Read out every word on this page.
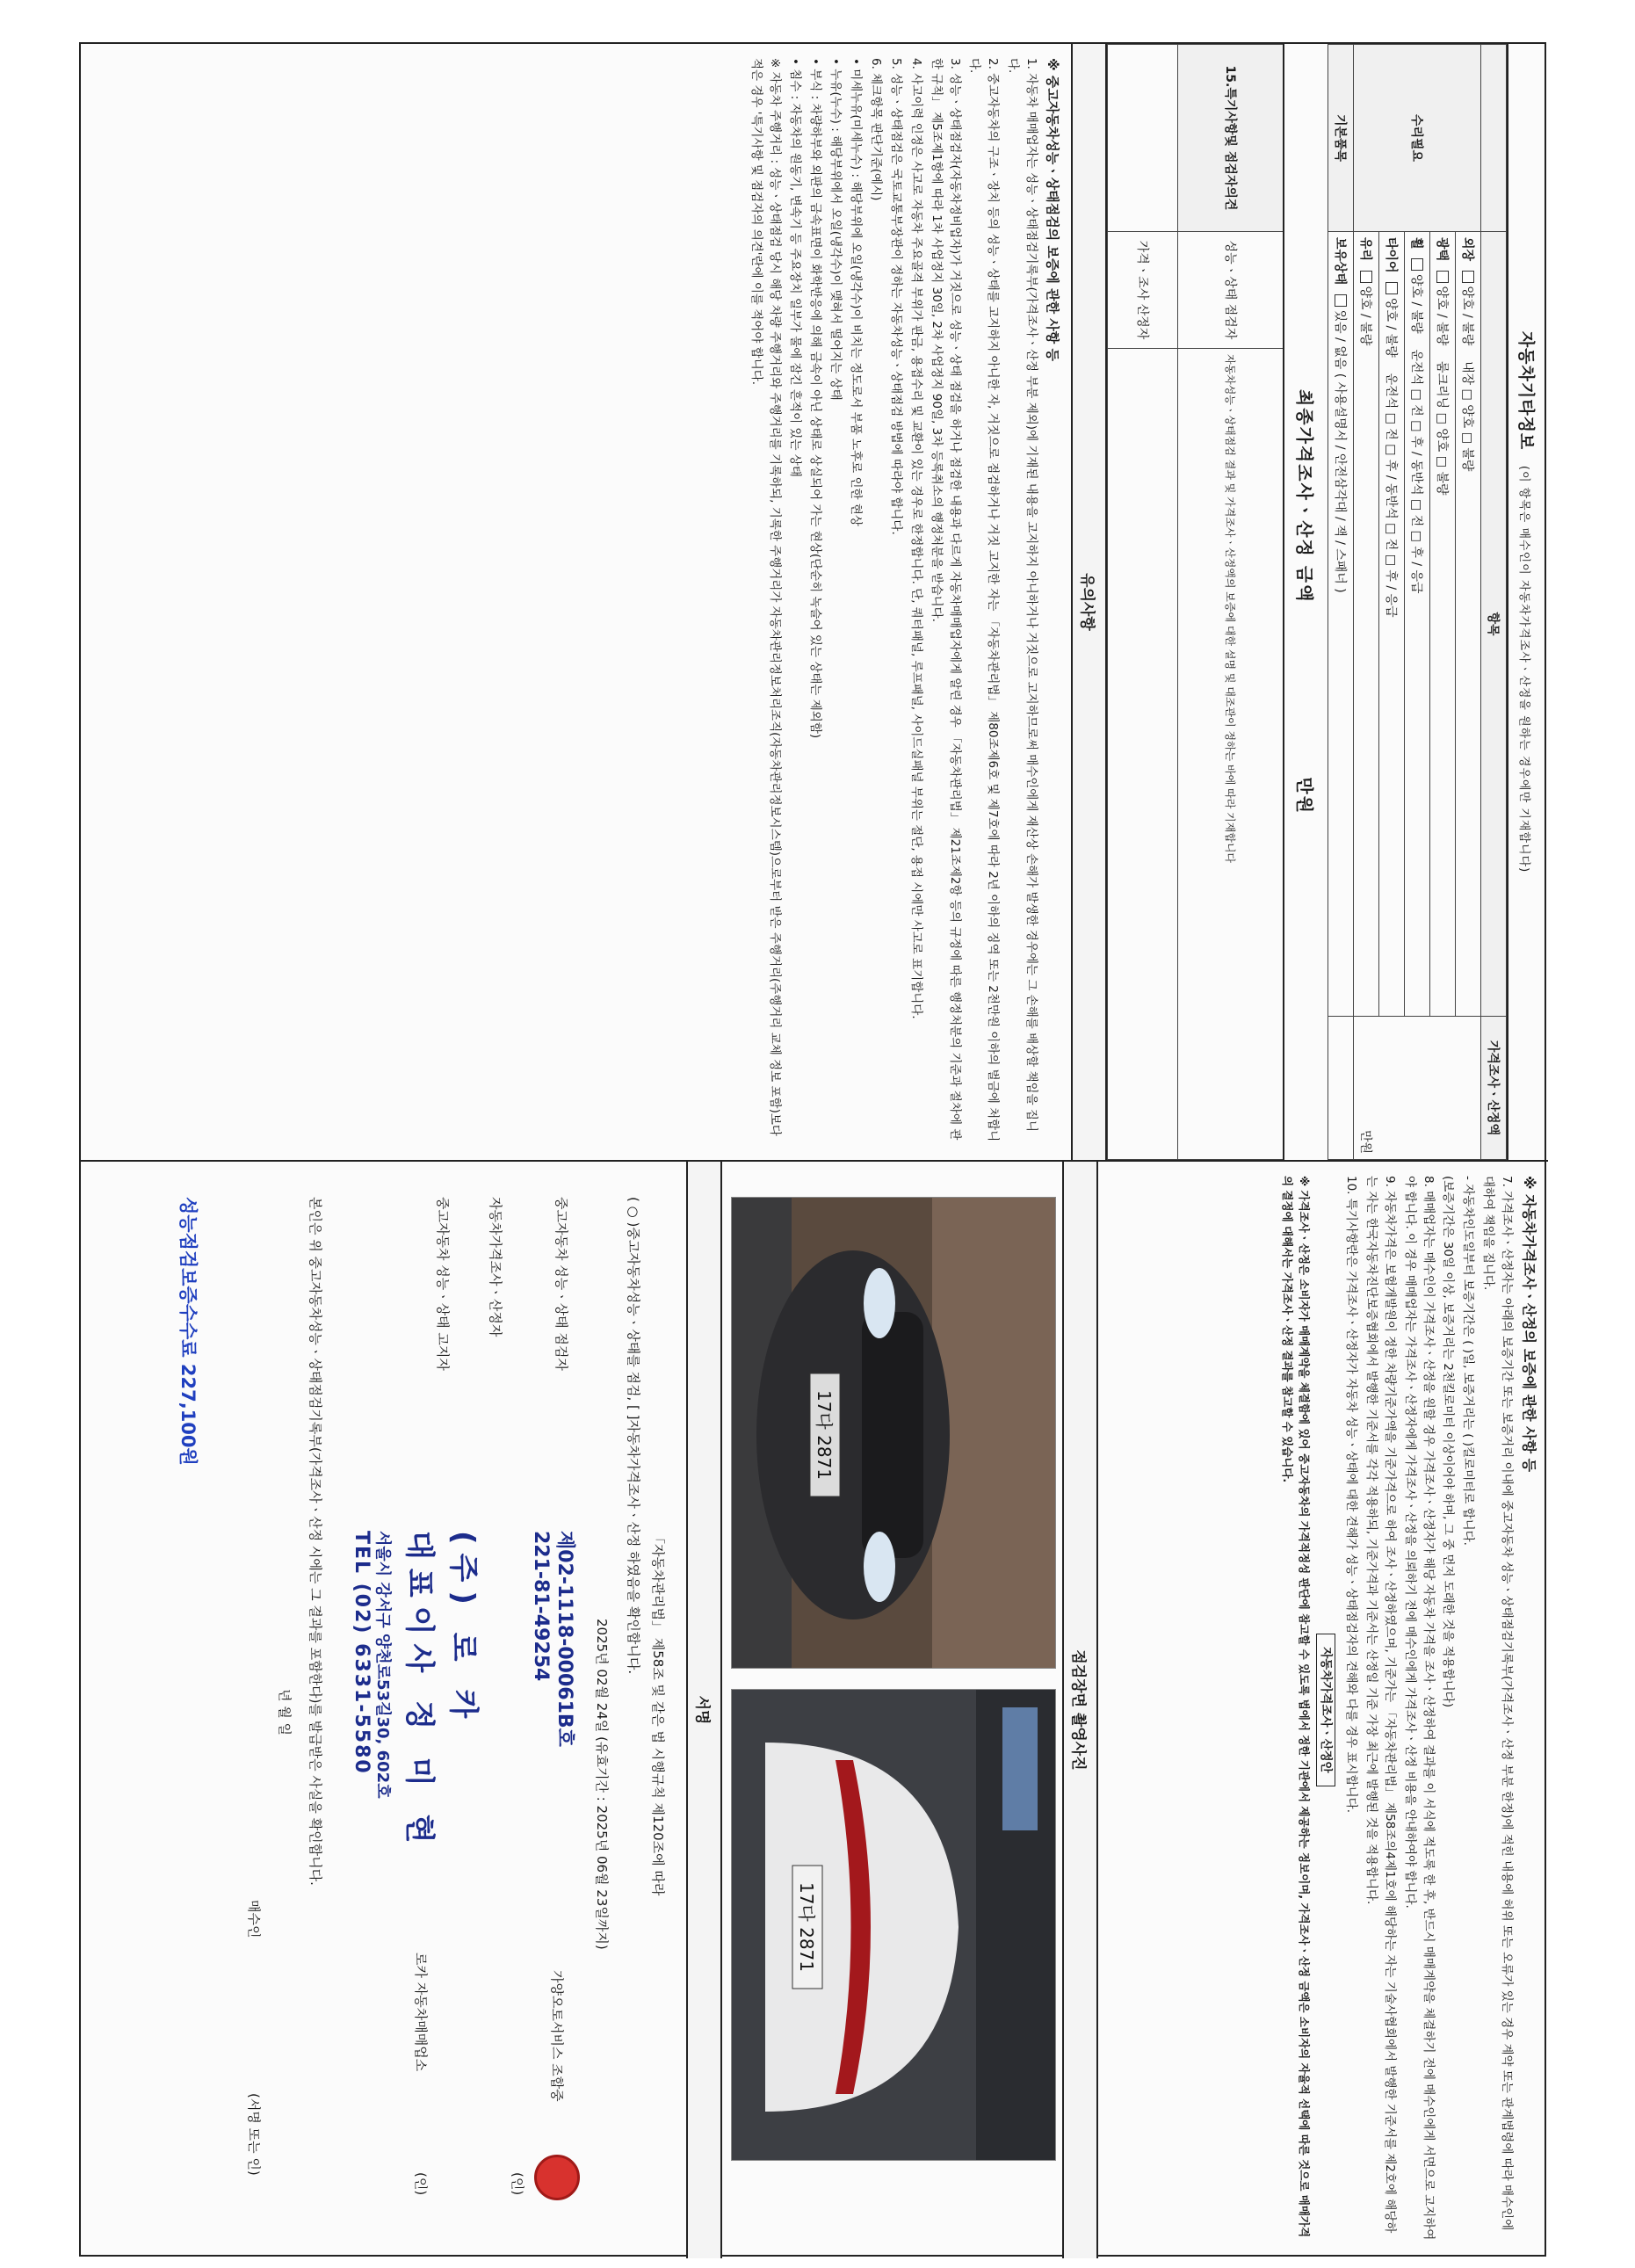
자동차기타정보 (이 항목은 매수인이 자동차가격조사ㆍ산정을 원하는 경우에만 기재합니다)
	항목	가격조사ㆍ산정액
수리필요	외장 양호 / 불량    내장 □ 양호 □ 불량	만원
	광택 양호 / 불량    룸크리닝 □ 양호 □ 불량	
	휠 양호 / 불량    운전석 □ 전 □ 후 / 동반석 □ 전 □ 후 / 응급	
	타이어 양호 / 불량    운전석 □ 전 □ 후 / 동반석 □ 전 □ 후 / 응급	
	유리 양호 / 불량	
기본품목	보유상태 있음 / 없음 ( 사용설명서 / 안전삼각대 / 잭 / 스패너 )	
최종가격조사ㆍ산정 금액  만원
15.특기사항및 점검자의견	성능ㆍ상태 점검자	자동차성능ㆍ상태점검 결과 및 가격조사ㆍ산정액의 보증에 대한 설명 및 대조관이 정하는 바에 따라 기재합니다
	가격ㆍ조사 산정자	
유의사항

※ 중고자동차성능ㆍ상태점검의 보증에 관한 사항 등

1. 자동차 매매업자는 성능ㆍ상태점검기록부(가격조사ㆍ산정 부분 제외)에 기재된 내용을 고지하지 아니하거나 거짓으로 고지하므로써 매수인에게 재산상 손해가 발생한 경우에는 그 손해를 배상할 책임을 집니다.

2. 중고자동차의 구조ㆍ장치 등의 성능ㆍ상태를 고지하지 아니한 자, 거짓으로 점검하거나 거짓 고지한 자는 「자동차관리법」 제80조제6호 및 제7호에 따라 2년 이하의 징역 또는 2천만원 이하의 벌금에 처합니다.

3. 성능ㆍ상태점검자(자동차정비업자)가 거짓으로 성능ㆍ상태 점검을 하거나 점검한 내용과 다르게 자동차매매업자에게 알린 경우 「자동차관리법」 제21조제2항 등의 규정에 따른 행정처분의 기준과 절차에 관한 규칙」 제5조제1항에 따라 1차 사업정지 30일, 2차 사업정지 90일, 3차 등록취소의 행정처분을 받습니다.

4. 사고이력 인정은 사고로 자동차 주요골격 부위가 판금, 용접수리 및 교환이 있는 경우로 한정합니다. 단, 쿼터패널, 루프패널, 사이드실패널 부위는 절단, 용접 시에만 사고로 표기합니다.

5. 성능ㆍ상태점검은 국토교통부장관이 정하는 자동차성능ㆍ상태점검 방법에 따라야 합니다.

6. 체크항목 판단기준(예시)

• 미세누유(미세누수) : 해당부위에 오일(냉각수)이 비치는 정도로서 부품 노후로 인한 현상

• 누유(누수) : 해당부위에서 오일(냉각수)이 맺혀서 떨어지는 상태

• 부식 : 차량하부와 외판의 금속표면이 화학반응에 의해 금속이 아닌 상태로 상실되어 가는 현상(단순히 녹슬어 있는 상태는 제외함)

• 침수 : 자동차의 원동기, 변속기 등 주요장치 일부가 물에 잠긴 흔적이 있는 상태

※ 자동차 주행거리 : 성능ㆍ상태점검 당시 해당 차량 주행거리와 주행거리를 기록하되, 기록한 주행거리가 자동차관리정보처리조직(자동차관리정보시스템)으로부터 받은 주행거리(주행거리 교체 정보 포함)보다 적은 경우 '특기사항 및 점검자의 의견'란에 이를 적어야 합니다.

※ 자동차가격조사ㆍ산정의 보증에 관한 사항 등

7. 가격조사ㆍ산정자는 아래의 보증기간 또는 보증거리 이내에 중고자동차 성능ㆍ상태점검기록부(가격조사ㆍ산정 부분 한정)에 적힌 내용에 허위 또는 오류가 있는 경우 계약 또는 관계법령에 따라 매수인에 대하여 책임을 집니다.

- 자동차인도일부터 보증기간은 ( )일, 보증거리는 ( )킬로미터로 합니다.

(보증기간은 30일 이상, 보증거리는 2천킬로미터 이상이어야 하며, 그 중 먼저 도래한 것을 적용합니다)

8. 매매업자는 매수인이 가격조사ㆍ산정을 원할 경우 가격조사ㆍ산정자가 해당 자동차 가격을 조사ㆍ산정하여 결과를 이 서식에 적도록 한 후, 반드시 매매계약을 체결하기 전에 매수인에게 서면으로 고지하여야 합니다. 이 경우 매매업자는 가격조사ㆍ산정자에게 가격조사ㆍ산정을 의뢰하기 전에 매수인에게 가격조사ㆍ산정 비용을 안내하여야 합니다.

9. 자동차가격은 보험개발원이 정한 차량기준가액을 기준가격으로 하여 조사ㆍ산정하였으며, 기준가는 「자동차관리법」 제58조의4제1호에 해당하는 자는 기술사협회에서 발행한 기준서를 제2호에 해당하는 자는 한국자동차진단보증협회에서 발행한 기준서를 각각 적용하되, 기준가격과 기준서는 산정일 기준 가장 최근에 발행된 것을 적용합니다.

10. 특기사항란은 가격조사ㆍ산정자가 자동차 성능ㆍ상태에 대한 견해가 성능ㆍ상태점검자의 견해와 다를 경우 표시합니다.

자동차가격조사ㆍ산정안

※ 가격조사ㆍ산정은 소비자가 매매계약을 체결함에 있어 중고자동차의 가격적정성 판단에 참고할 수 있도록 법에서 정한 기관에서 제공하는 정보이며, 가격조사ㆍ산정 금액은 소비자의 자율적 선택에 따른 것으로 매매가격의 결정에 대해서는 가격조사ㆍ산정 결과를 참고할 수 있습니다.

점검장면 촬영사진
17다 2871
17다 2871
서명
「자동차관리법」 제58조 및 같은 법 시행규칙 제120조에 따라
( ○ )중고자동차성능ㆍ상태를 점검, [ ]자동차가격조사ㆍ산정 하였음을 확인합니다.
2025년 02월 24일 (유효기간 : 2025년 06월 23일까지)
중고자동차 성능ㆍ상태 점검자
제02-1118-00061B호
221-81-49254
가양오토서비스 조합중
(인)
자동차가격조사ㆍ산정자
중고자동차 성능ㆍ상태 고지자
(주) 로 카
대표이사 정 미 현
로카 자동차매매업소
(인)
서울시 강서구 양천로53길30, 602호
TEL (02) 6331-5580
본인은 위 중고자동차성능ㆍ상태점검기록부(가격조사ㆍ산정 시에는 그 결과를 포함한다)를 발급받은 사실을 확인합니다.
년 월 일
매수인
(서명 또는 인)
성능점검보증수수료 227,100원
